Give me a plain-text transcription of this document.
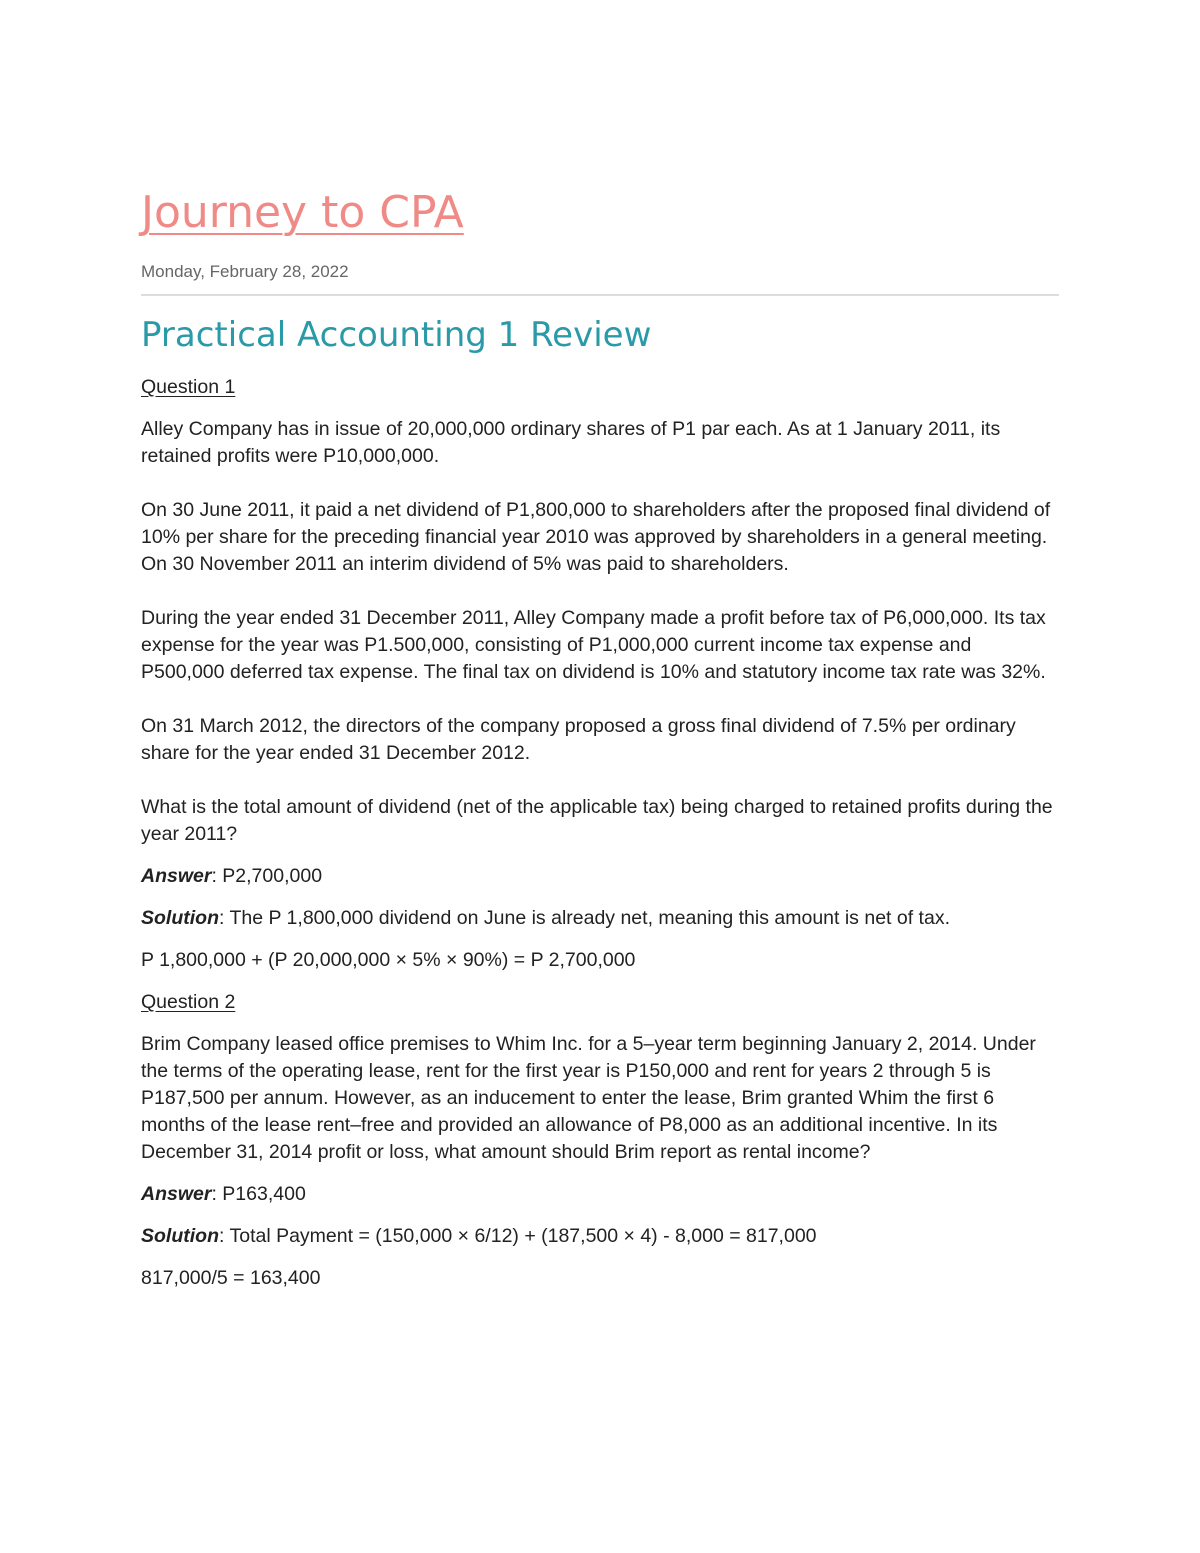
Journey to CPA
Monday, February 28, 2022
Practical Accounting 1 Review

Question 1

Alley Company has in issue of 20,000,000 ordinary shares of P1 par each. As at 1 January 2011, its retained profits were P10,000,000.

On 30 June 2011, it paid a net dividend of P1,800,000 to shareholders after the proposed final dividend of 10% per share for the preceding financial year 2010 was approved by shareholders in a general meeting. On 30 November 2011 an interim dividend of 5% was paid to shareholders.

During the year ended 31 December 2011, Alley Company made a profit before tax of P6,000,000. Its tax expense for the year was P1.500,000, consisting of P1,000,000 current income tax expense and P500,000 deferred tax expense. The final tax on dividend is 10% and statutory income tax rate was 32%.

On 31 March 2012, the directors of the company proposed a gross final dividend of 7.5% per ordinary share for the year ended 31 December 2012.

What is the total amount of dividend (net of the applicable tax) being charged to retained profits during the year 2011?

Answer: P2,700,000

Solution: The P 1,800,000 dividend on June is already net, meaning this amount is net of tax.

P 1,800,000 + (P 20,000,000 × 5% × 90%) = P 2,700,000

Question 2

Brim Company leased office premises to Whim Inc. for a 5–year term beginning January 2, 2014. Under the terms of the operating lease, rent for the first year is P150,000 and rent for years 2 through 5 is P187,500 per annum. However, as an inducement to enter the lease, Brim granted Whim the first 6 months of the lease rent–free and provided an allowance of P8,000 as an additional incentive. In its December 31, 2014 profit or loss, what amount should Brim report as rental income?

Answer: P163,400

Solution: Total Payment = (150,000 × 6/12) + (187,500 × 4) - 8,000 = 817,000

817,000/5 = 163,400
